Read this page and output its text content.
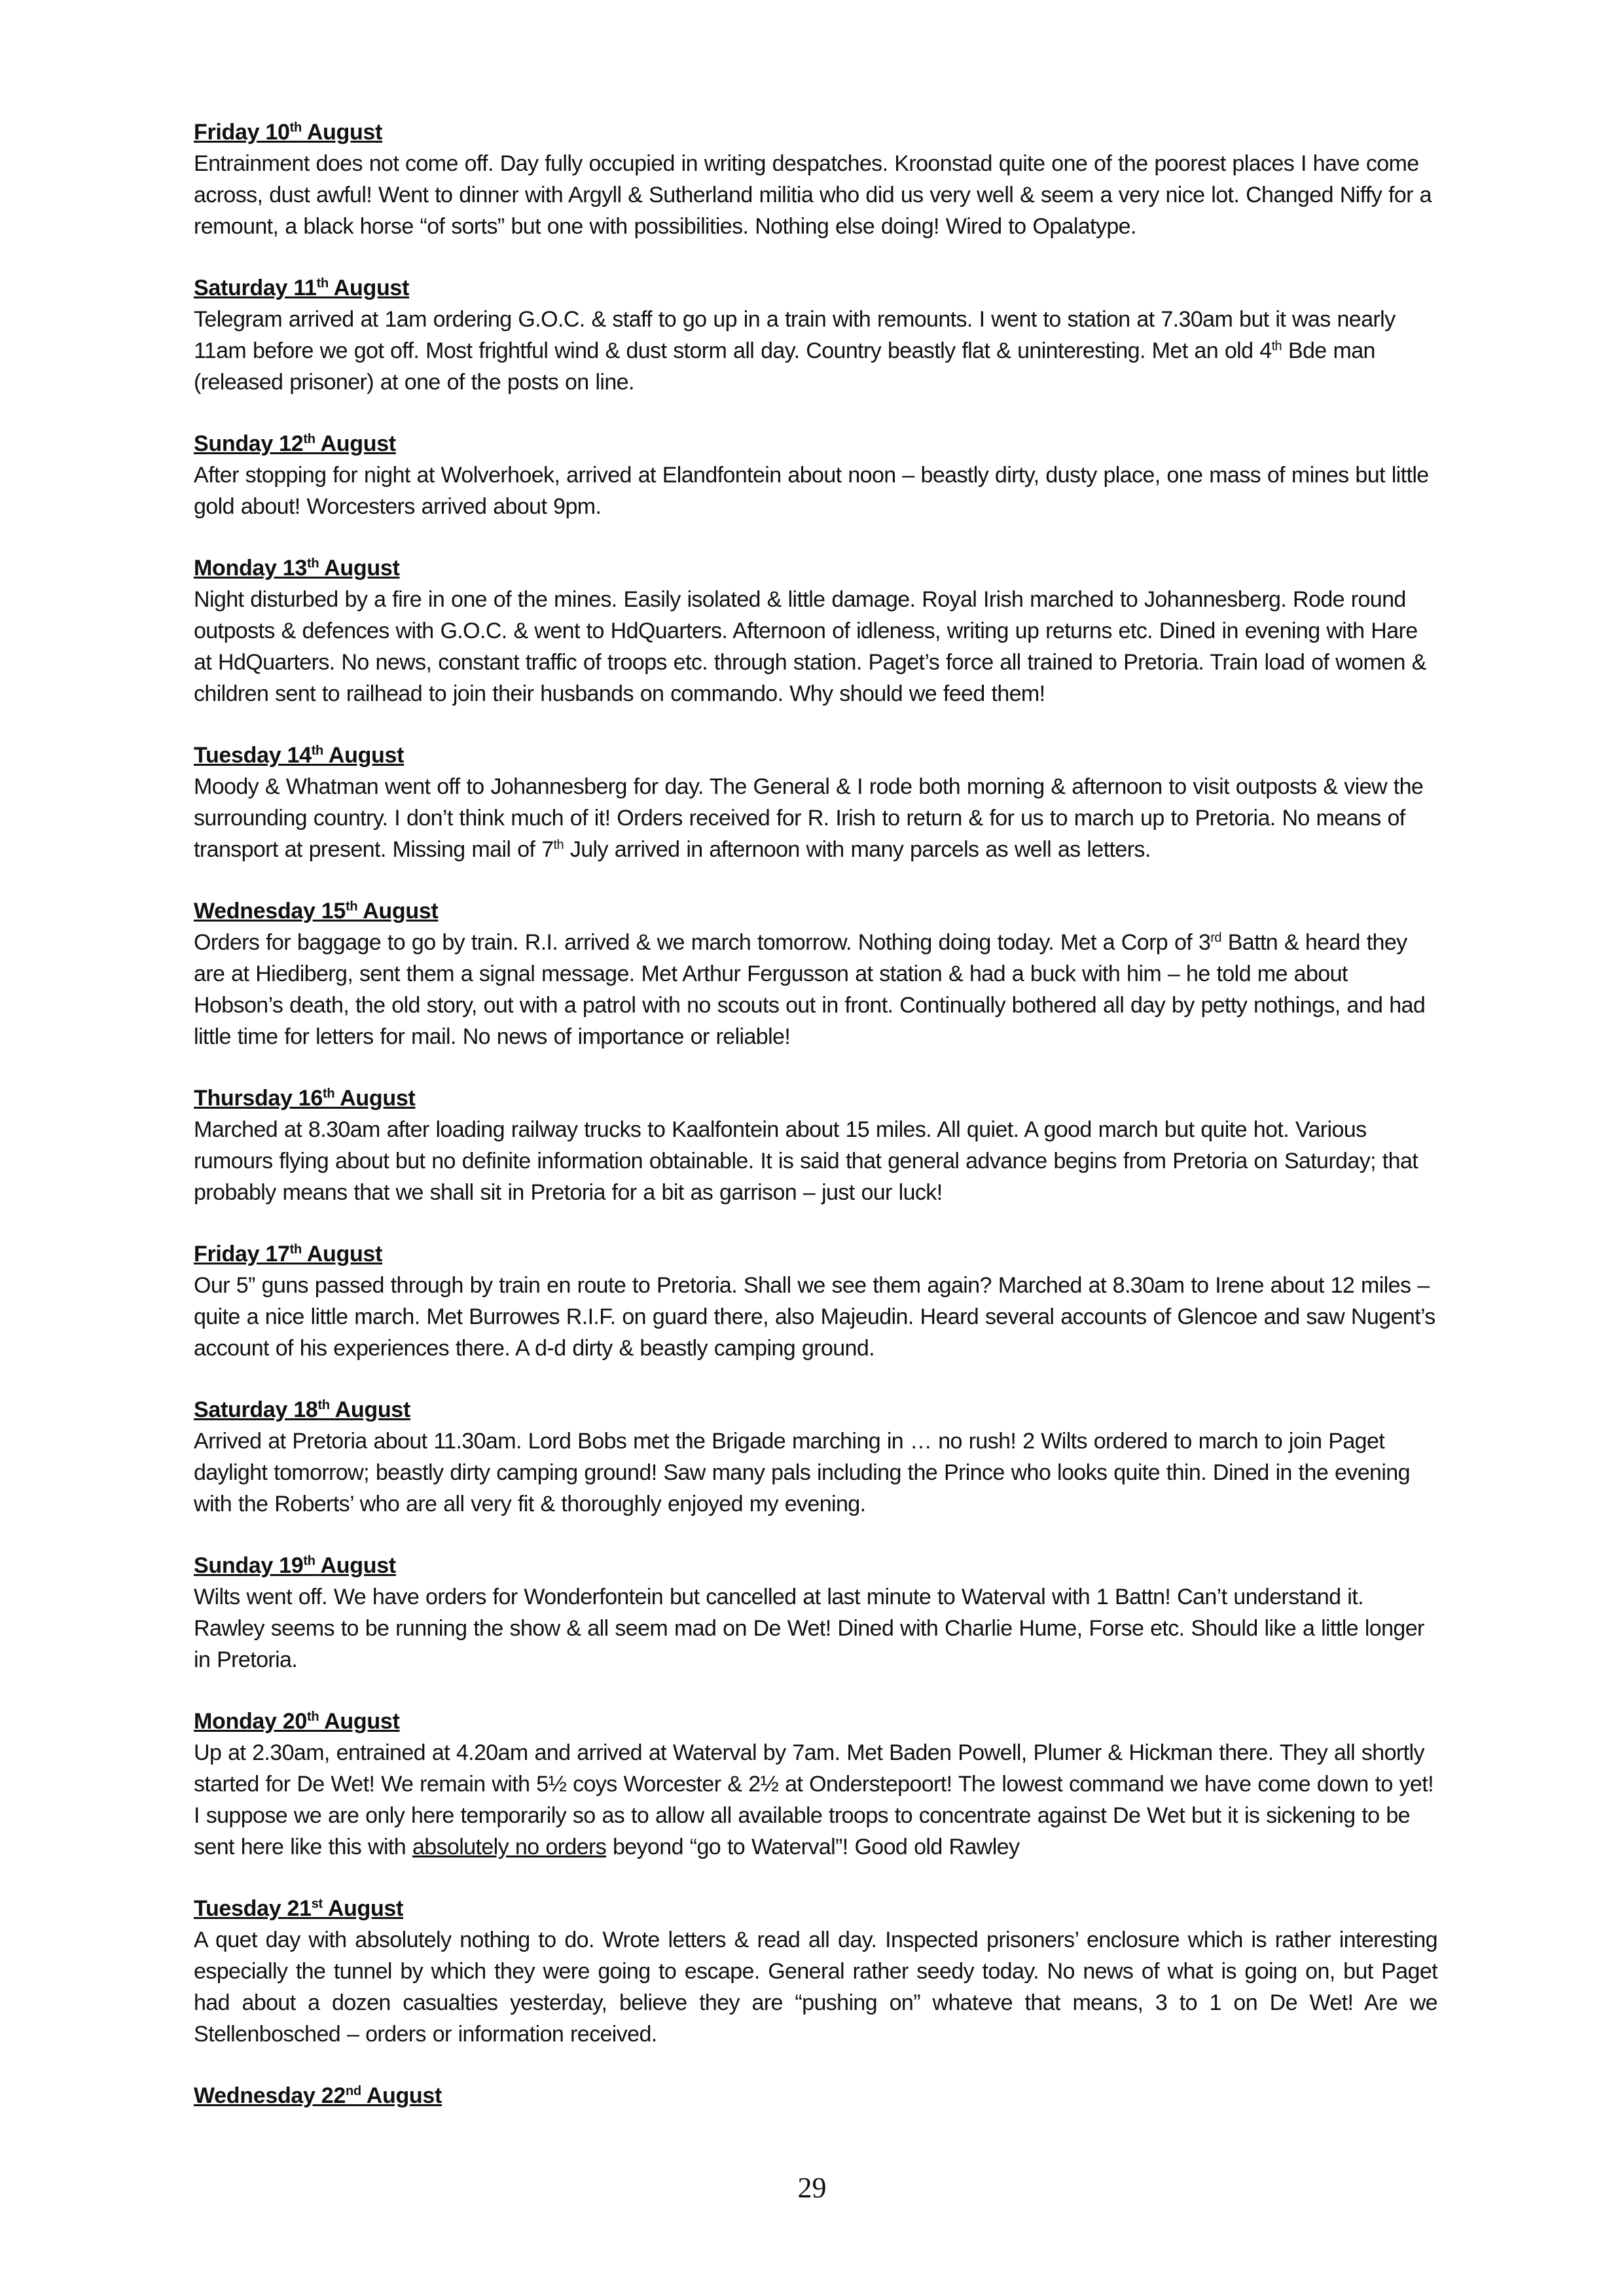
Friday 10th August
Entrainment does not come off. Day fully occupied in writing despatches. Kroonstad quite one of the poorest places I have come across, dust awful! Went to dinner with Argyll & Sutherland militia who did us very well & seem a very nice lot. Changed Niffy for a remount, a black horse “of sorts” but one with possibilities. Nothing else doing! Wired to Opalatype.
Saturday 11th August
Telegram arrived at 1am ordering G.O.C. & staff to go up in a train with remounts. I went to station at 7.30am but it was nearly 11am before we got off. Most frightful wind & dust storm all day. Country beastly flat & uninteresting. Met an old 4th Bde man (released prisoner) at one of the posts on line.
Sunday 12th August
After stopping for night at Wolverhoek, arrived at Elandfontein about noon – beastly dirty, dusty place, one mass of mines but little gold about! Worcesters arrived about 9pm.
Monday 13th August
Night disturbed by a fire in one of the mines. Easily isolated & little damage. Royal Irish marched to Johannesberg. Rode round outposts & defences with G.O.C. & went to HdQuarters. Afternoon of idleness, writing up returns etc. Dined in evening with Hare at HdQuarters. No news, constant traffic of troops etc. through station. Paget’s force all trained to Pretoria. Train load of women & children sent to railhead to join their husbands on commando. Why should we feed them!
Tuesday 14th August
Moody & Whatman went off to Johannesberg for day. The General & I rode both morning & afternoon to visit outposts & view the surrounding country. I don’t think much of it! Orders received for R. Irish to return & for us to march up to Pretoria. No means of transport at present. Missing mail of 7th July arrived in afternoon with many parcels as well as letters.
Wednesday 15th August
Orders for baggage to go by train. R.I. arrived & we march tomorrow. Nothing doing today. Met a Corp of 3rd Battn & heard they are at Hiediberg, sent them a signal message. Met Arthur Fergusson at station & had a buck with him – he told me about Hobson’s death, the old story, out with a patrol with no scouts out in front. Continually bothered all day by petty nothings, and had little time for letters for mail. No news of importance or reliable!
Thursday 16th August
Marched at 8.30am after loading railway trucks to Kaalfontein about 15 miles. All quiet. A good march but quite hot. Various rumours flying about but no definite information obtainable. It is said that general advance begins from Pretoria on Saturday; that probably means that we shall sit in Pretoria for a bit as garrison – just our luck!
Friday 17th August
Our 5” guns passed through by train en route to Pretoria. Shall we see them again? Marched at 8.30am to Irene about 12 miles – quite a nice little march. Met Burrowes R.I.F. on guard there, also Majeudin. Heard several accounts of Glencoe and saw Nugent’s account of his experiences there. A d-d dirty & beastly camping ground.
Saturday 18th August
Arrived at Pretoria about 11.30am. Lord Bobs met the Brigade marching in … no rush! 2 Wilts ordered to march to join Paget daylight tomorrow; beastly dirty camping ground! Saw many pals including the Prince who looks quite thin. Dined in the evening with the Roberts’ who are all very fit & thoroughly enjoyed my evening.
Sunday 19th August
Wilts went off. We have orders for Wonderfontein but cancelled at last minute to Waterval with 1 Battn! Can’t understand it. Rawley seems to be running the show & all seem mad on De Wet! Dined with Charlie Hume, Forse etc. Should like a little longer in Pretoria.
Monday 20th August
Up at 2.30am, entrained at 4.20am and arrived at Waterval by 7am. Met Baden Powell, Plumer & Hickman there. They all shortly started for De Wet! We remain with 5½ coys Worcester & 2½ at Onderstepoort! The lowest command we have come down to yet! I suppose we are only here temporarily so as to allow all available troops to concentrate against De Wet but it is sickening to be sent here like this with absolutely no orders beyond “go to Waterval”! Good old Rawley
Tuesday 21st August
A quet day with absolutely nothing to do. Wrote letters & read all day. Inspected prisoners’ enclosure which is rather interesting especially the tunnel by which they were going to escape. General rather seedy today. No news of what is going on, but Paget had about a dozen casualties yesterday, believe they are “pushing on” whateve that means, 3 to 1 on De Wet! Are we Stellenbosched – orders or information received.
Wednesday 22nd August
29
